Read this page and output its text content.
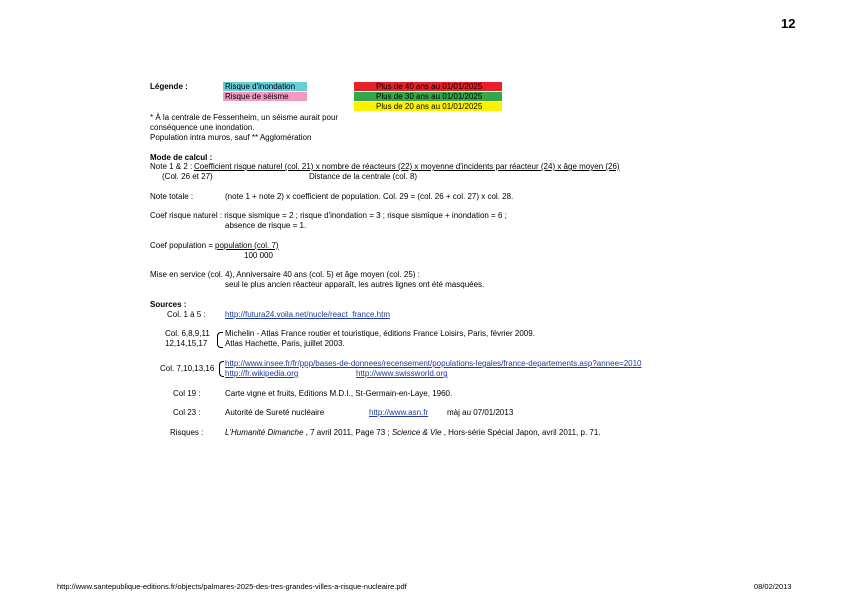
12
Légende :	Risque d'inondation
Risque de séisme
Plus de 40 ans au 01/01/2025
Plus de 30 ans au 01/01/2025
Plus de 20 ans au 01/01/2025
* À la centrale de Fessenheim, un séisme aurait pour
conséquence une inondation.
Population intra muros, sauf ** Agglomération
Mode de calcul :
Note 1 & 2 : Coefficient risque naturel (col. 21) x nombre de réacteurs (22) x moyenne d'incidents par réacteur (24) x âge moyen (26)
(Col. 26 et 27)	Distance de la centrale (col. 8)
Note totale :	(note 1 + note 2) x coefficient de population. Col. 29 = (col. 26 + col. 27) x col. 28.
Coef risque naturel : risque sismique = 2 ; risque d'inondation = 3 ; risque sismique + inondation = 6 ;
absence de risque = 1.
Coef population = population (col. 7)
100 000
Mise en service (col. 4), Anniversaire 40 ans (col. 5) et âge moyen (col. 25) :
seul le plus ancien réacteur apparaît, les autres lignes ont été masquées.
Sources :
Col. 1 à 5 : http://futura24.voila.net/nucle/react_france.htm
Col. 6,8,9,11
12,14,15,17
Michelin - Atlas France routier et touristique, éditions France Loisirs, Paris, février 2009.
Atlas Hachette, Paris, juillet 2003.
Col. 7,10,13,16
http://www.insee.fr/fr/ppp/bases-de-donnees/recensement/populations-legales/france-departements.asp?annee=2010
http://fr.wikipedia.org	http://www.swissworld.org
Col 19 :	Carte vigne et fruits, Editions M.D.I., St-Germain-en-Laye, 1960.
Col 23 :	Autorité de Sureté nucléaire	http://www.asn.fr màj au 07/01/2013
Risques :	L'Humanité Dimanche , 7 avril 2011, Page 73 ; Science & Vie , Hors-série Spécial Japon, avril 2011, p. 71.
http://www.santepublique-editions.fr/objects/palmares-2025-des-tres-grandes-villes-a-risque-nucleaire.pdf	08/02/2013
